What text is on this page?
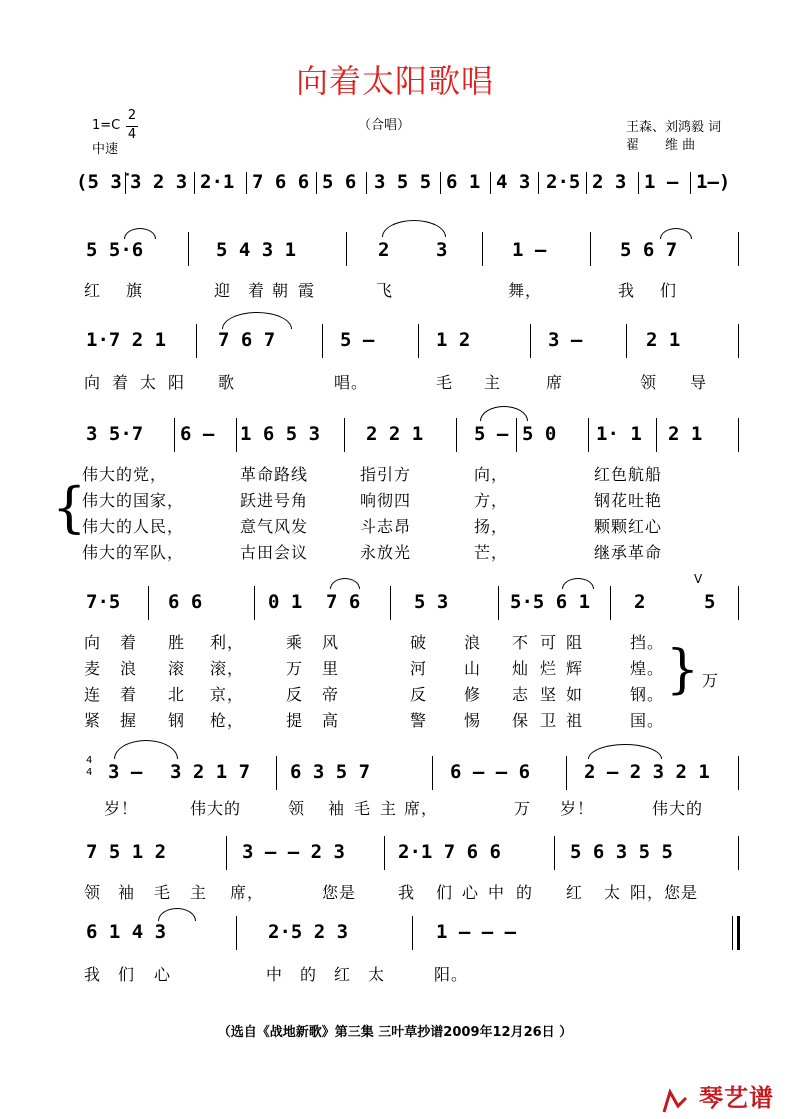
向着太阳歌唱
（合唱）
1=C
2
4
中速
王森、刘鸿毅 词
翟　　维 曲
(5 3̇ 3 2 3 2·1 7 6 6 5 6 3 5 5 6 1 4 3 2·5 2 3 1 – 1–)
5 5·6	5 4 3 1	2 3	1 –	5 6 7
红 旗	迎 着 朝 霞	飞	舞，	我 们
1·7 2 1	7 6 7	5 –	1 2	3 –	2 1
向 着 太 阳 歌	唱。	毛 主	席	领 导
3 5·7 6 – 1 6 5 3 2 2 1	5 – 5 0 1· 1 2 1
伟大的党，	革命路线	指引方	向，	红色航船
{
伟大的国家，	跃进号角	响彻四	方，	钢花吐艳
伟大的人民，	意气风发	斗志昂	扬，	颗颗红心
伟大的军队，	古田会议	永放光	芒，	继承革命
7·5	6 6	0 1 7 6	5 3	5·5 6 1 2
V
5
向 着 胜 利，	乘 风	破 浪 不 可 阻	挡。
麦 浪 滚 滚，	万 里	河 山 灿 烂 辉	煌。 } 万
连 着 北 京，	反 帝	反 修 志 坚 如	钢。
紧 握 钢 枪，	提 高	警 惕 保 卫 祖	国。
4
4 3 – 3 2 1 7 6 3 5 7	6 – – 6	2 – 2 3 2 1
岁！	伟大的	领 袖 毛 主 席，	万 岁！	伟大的
7 5 1 2	3 – – 2 3	2·1 7 6 6	5 6 3 5 5
领 袖 毛 主 席，	您是	我 们 心 中 的 红 太 阳，您是
6 1 4 3	2·5 2 3	1 – – –
我 们 心	中 的 红 太	阳。
（选自《战地新歌》第三集 三叶草抄谱2009年12月26日 ）
琴艺谱
